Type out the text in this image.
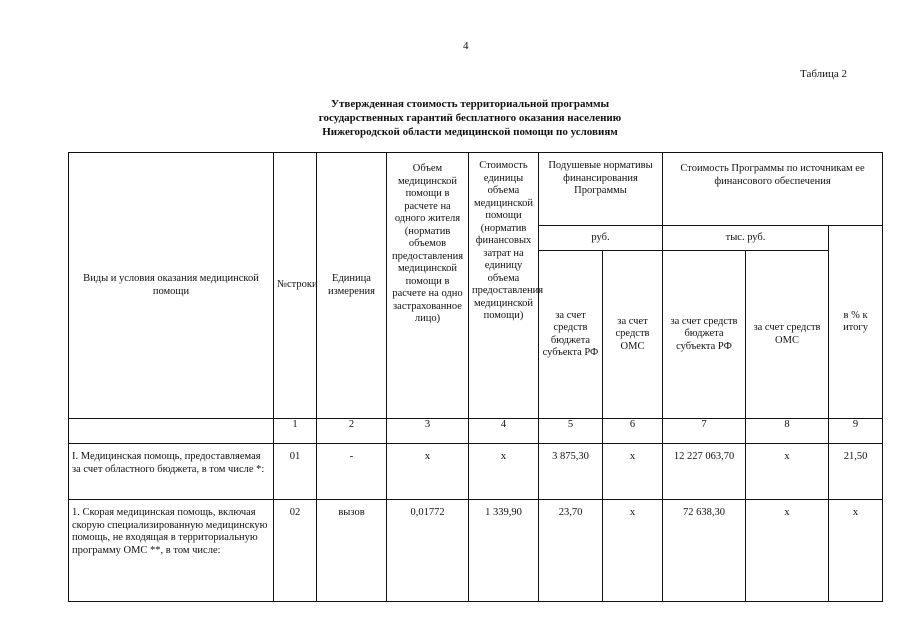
4
Таблица 2
Утвержденная стоимость территориальной программы
государственных гарантий бесплатного оказания населению
Нижегородской области медицинской помощи по условиям
Виды и условия оказания медицинской помощи	№строки	Единица измерения	Объем медицинской помощи в расчете на одного жителя (норматив объемов предоставления медицинской помощи в расчете на одно застрахованное лицо)	Стоимость единицы объема медицинской помощи (норматив финансовых затрат на единицу объема предоставления медицинской помощи)	Подушевые нормативы финансирования Программы		Стоимость Программы по источникам ее финансового обеспечения		
					руб.		тыс. руб.		в % к итогу
					за счет средств бюджета субъекта РФ	за счет средств ОМС	за счет средств бюджета субъекта РФ	за счет средств ОМС	
	1	2	3	4	5	6	7	8	9
I. Медицинская помощь, предоставляемая за счет областного бюджета, в том числе *:	01	-	х	х	3 875,30	х	12 227 063,70	х	21,50
1. Скорая медицинская помощь, включая скорую специализированную медицинскую помощь, не входящая в территориальную программу ОМС **, в том числе:	02	вызов	0,01772	1 339,90	23,70	х	72 638,30	х	х
